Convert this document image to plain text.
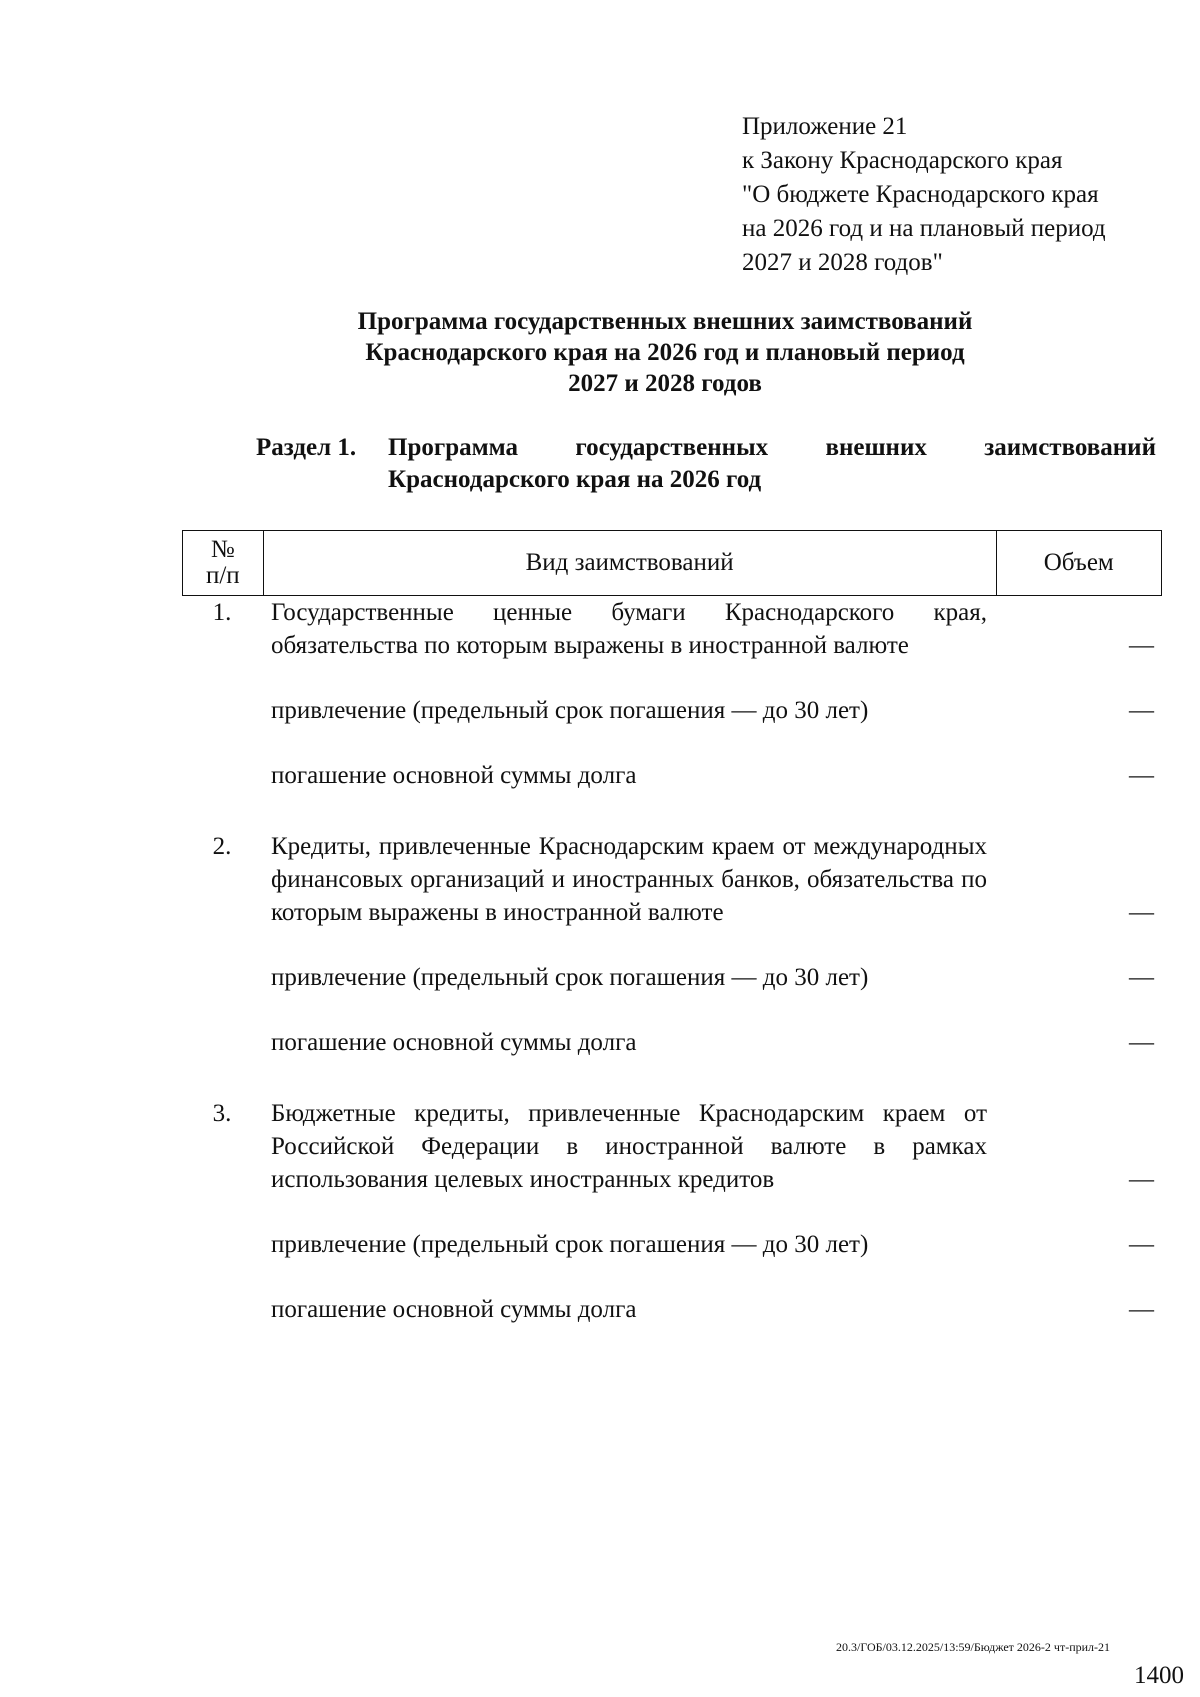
Приложение 21
к Закону Краснодарского края
"О бюджете Краснодарского края
на 2026 год и на плановый период
2027 и 2028 годов"
Программа государственных внешних заимствований
Краснодарского края на 2026 год и плановый период
2027 и 2028 годов
Раздел 1.	Программа государственных внешних заимствований Краснодарского края на 2026 год
№
п/п	Вид заимствований	Объем
1.	Государственные ценные бумаги Краснодарского края, обязательства по которым выражены в иностранной валюте	—
привлечение (предельный срок погашения — до 30 лет)	—
погашение основной суммы долга	—
2.	Кредиты, привлеченные Краснодарским краем от международных финансовых организаций и иностранных банков, обязательства по которым выражены в иностранной валюте	—
привлечение (предельный срок погашения — до 30 лет)	—
погашение основной суммы долга	—
3.	Бюджетные кредиты, привлеченные Краснодарским краем от Российской Федерации в иностранной валюте в рамках использования целевых иностранных кредитов	—
привлечение (предельный срок погашения — до 30 лет)	—
погашение основной суммы долга	—
20.3/ГОБ/03.12.2025/13:59/Бюджет 2026-2 чт-прил-21
1400
